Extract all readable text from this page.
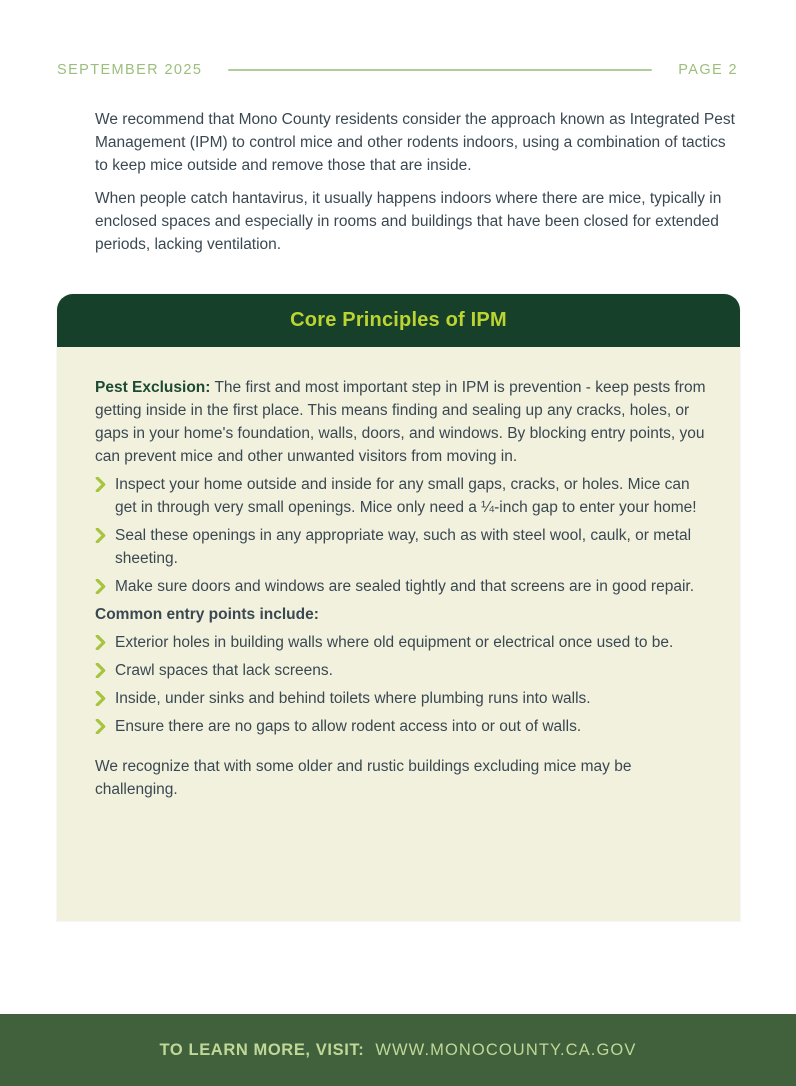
SEPTEMBER 2025	PAGE 2

We recommend that Mono County residents consider the approach known as Integrated Pest Management (IPM) to control mice and other rodents indoors, using a combination of tactics to keep mice outside and remove those that are inside.

When people catch hantavirus, it usually happens indoors where there are mice, typically in enclosed spaces and especially in rooms and buildings that have been closed for extended periods, lacking ventilation.

Core Principles of IPM

Pest Exclusion: The first and most important step in IPM is prevention - keep pests from getting inside in the first place. This means finding and sealing up any cracks, holes, or gaps in your home's foundation, walls, doors, and windows. By blocking entry points, you can prevent mice and other unwanted visitors from moving in.

Inspect your home outside and inside for any small gaps, cracks, or holes. Mice can get in through very small openings. Mice only need a ¼-inch gap to enter your home!
Seal these openings in any appropriate way, such as with steel wool, caulk, or metal sheeting.
Make sure doors and windows are sealed tightly and that screens are in good repair.

Common entry points include:

Exterior holes in building walls where old equipment or electrical once used to be.
Crawl spaces that lack screens.
Inside, under sinks and behind toilets where plumbing runs into walls.
Ensure there are no gaps to allow rodent access into or out of walls.

We recognize that with some older and rustic buildings excluding mice may be challenging.

TO LEARN MORE, VISIT: WWW.MONOCOUNTY.CA.GOV
